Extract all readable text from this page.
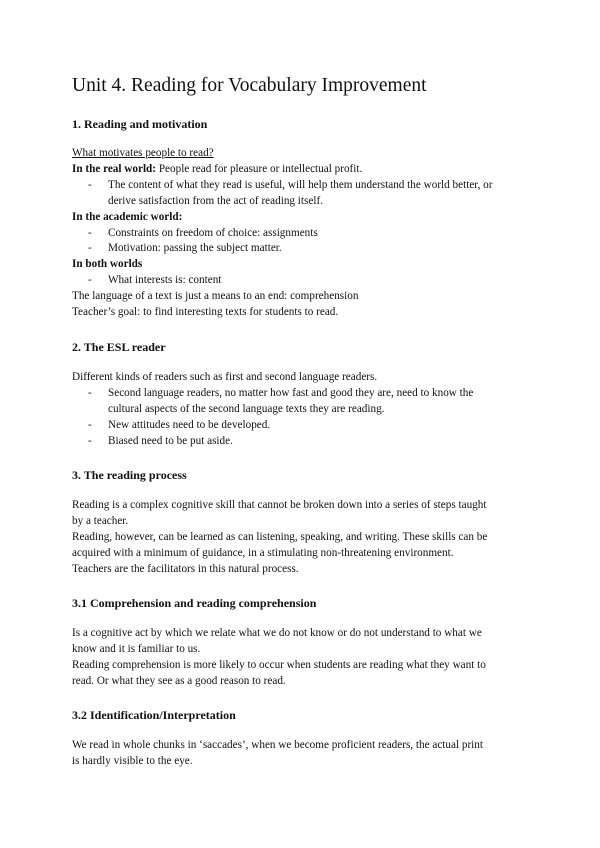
Unit 4. Reading for Vocabulary Improvement
1. Reading and motivation

What motivates people to read?

In the real world: People read for pleasure or intellectual profit.

- The content of what they read is useful, will help them understand the world better, or
derive satisfaction from the act of reading itself.

In the academic world:

- Constraints on freedom of choice: assignments
- Motivation: passing the subject matter.

In both worlds

- What interests is: content

The language of a text is just a means to an end: comprehension

Teacher’s goal: to find interesting texts for students to read.

2. The ESL reader

Different kinds of readers such as first and second language readers.

- Second language readers, no matter how fast and good they are, need to know the
cultural aspects of the second language texts they are reading.
- New attitudes need to be developed.
- Biased need to be put aside.
3. The reading process

Reading is a complex cognitive skill that cannot be broken down into a series of steps taught

by a teacher.

Reading, however, can be learned as can listening, speaking, and writing. These skills can be

acquired with a minimum of guidance, in a stimulating non-threatening environment.

Teachers are the facilitators in this natural process.

3.1 Comprehension and reading comprehension

Is a cognitive act by which we relate what we do not know or do not understand to what we

know and it is familiar to us.

Reading comprehension is more likely to occur when students are reading what they want to

read. Or what they see as a good reason to read.

3.2 Identification/Interpretation

We read in whole chunks in ‘saccades’, when we become proficient readers, the actual print

is hardly visible to the eye.
